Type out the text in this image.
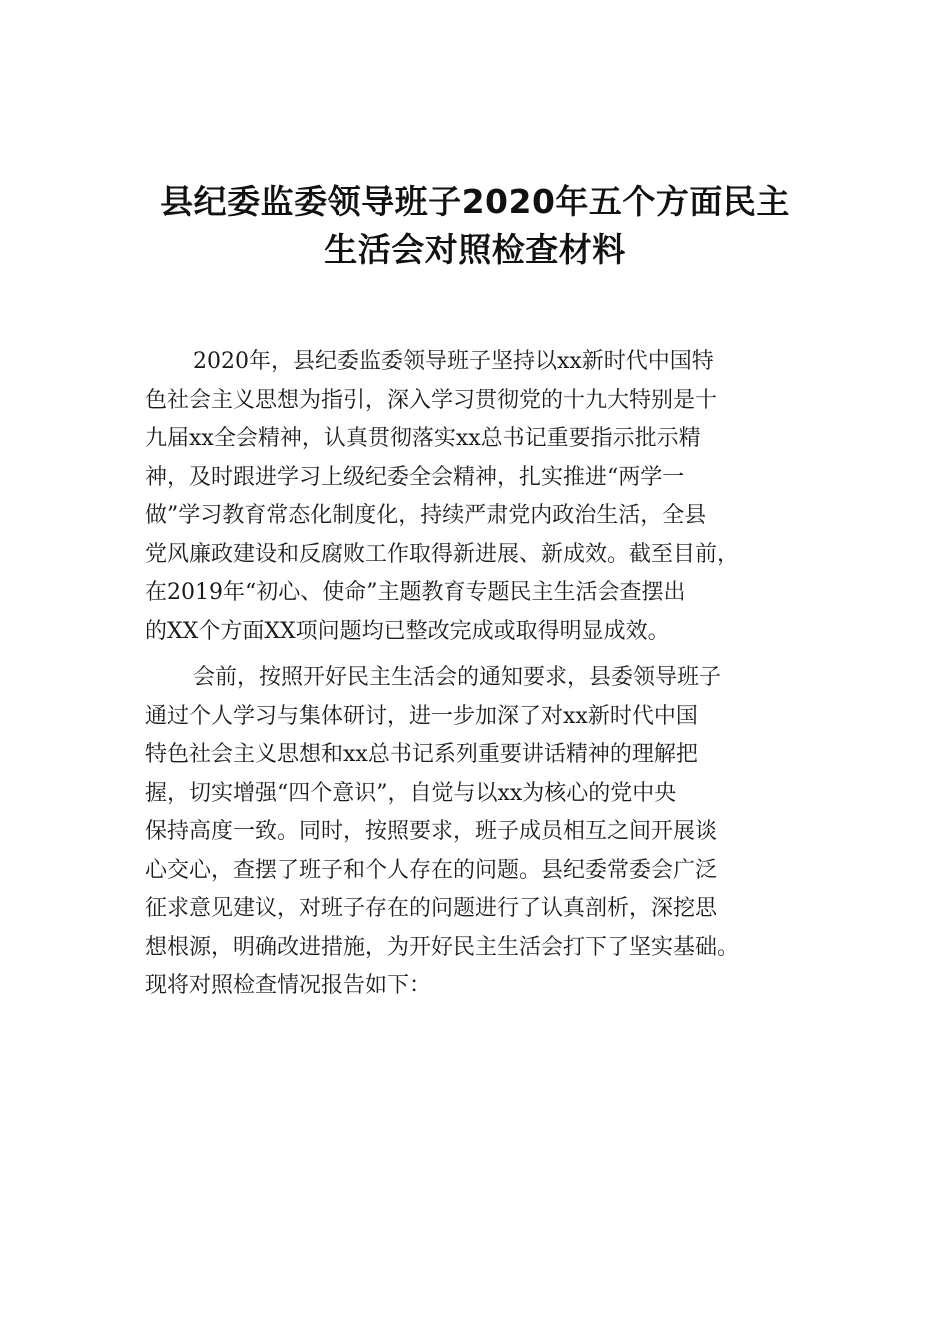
县纪委监委领导班子2020年五个方面民主
生活会对照检查材料
2020年，县纪委监委领导班子坚持以xx新时代中国特
色社会主义思想为指引，深入学习贯彻党的十九大特别是十
九届xx全会精神，认真贯彻落实xx总书记重要指示批示精
神，及时跟进学习上级纪委全会精神，扎实推进“两学一
做”学习教育常态化制度化，持续严肃党内政治生活，全县
党风廉政建设和反腐败工作取得新进展、新成效。截至目前，
在2019年“初心、使命”主题教育专题民主生活会查摆出
的XX个方面XX项问题均已整改完成或取得明显成效。
会前，按照开好民主生活会的通知要求，县委领导班子
通过个人学习与集体研讨，进一步加深了对xx新时代中国
特色社会主义思想和xx总书记系列重要讲话精神的理解把
握，切实增强“四个意识”，自觉与以xx为核心的党中央
保持高度一致。同时，按照要求，班子成员相互之间开展谈
心交心，查摆了班子和个人存在的问题。县纪委常委会广泛
征求意见建议，对班子存在的问题进行了认真剖析，深挖思
想根源，明确改进措施，为开好民主生活会打下了坚实基础。
现将对照检查情况报告如下：
